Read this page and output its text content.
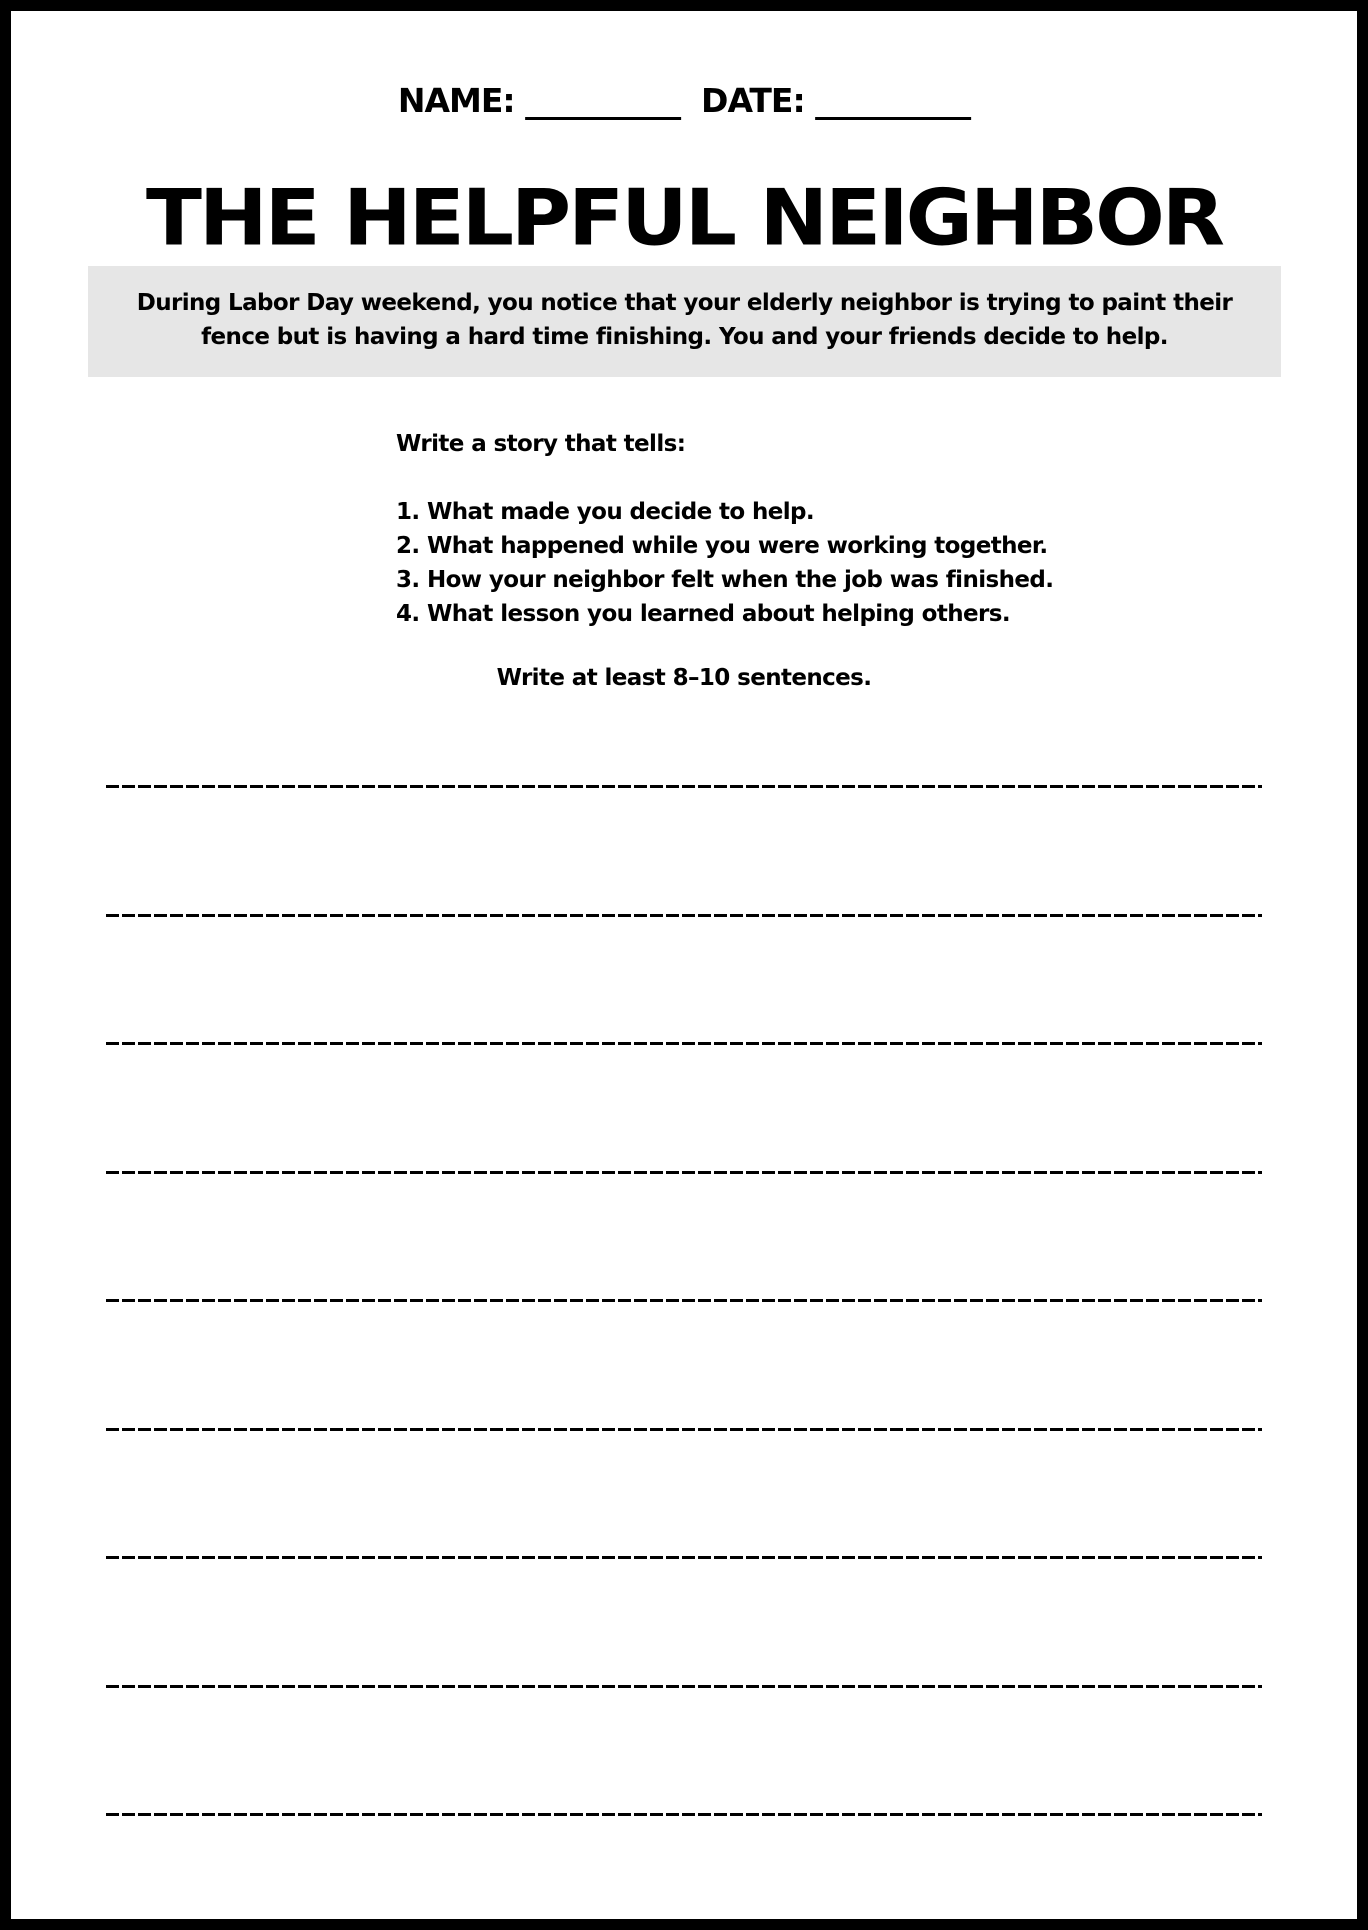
NAME: __________  DATE: __________
THE HELPFUL NEIGHBOR
During Labor Day weekend, you notice that your elderly neighbor is trying to paint their fence but is having a hard time finishing. You and your friends decide to help.
Write a story that tells:
1. What made you decide to help.
2. What happened while you were working together.
3. How your neighbor felt when the job was finished.
4. What lesson you learned about helping others.
Write at least 8–10 sentences.
